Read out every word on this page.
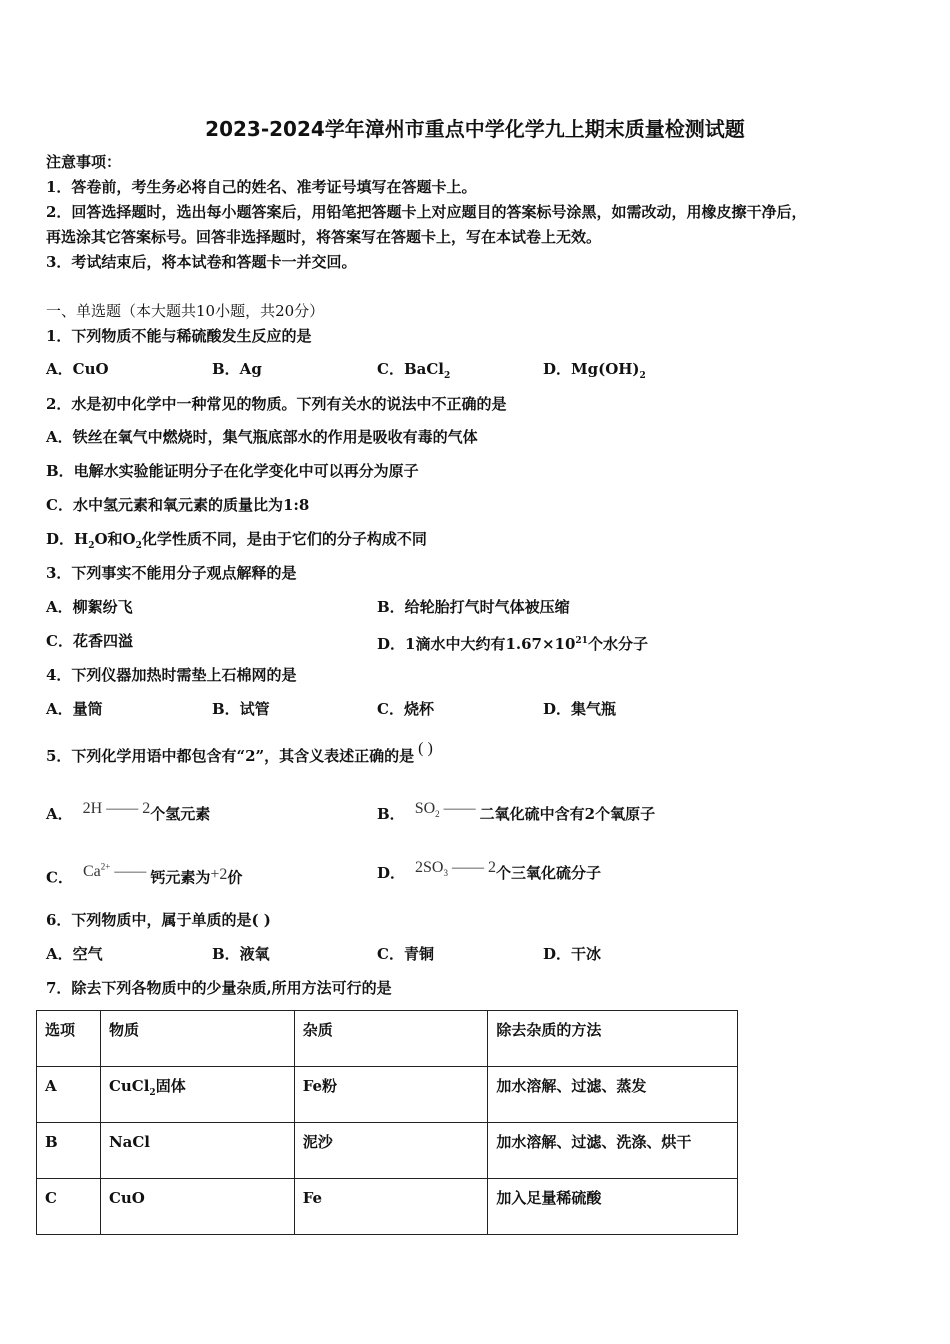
2023-2024学年漳州市重点中学化学九上期末质量检测试题
注意事项：
1．答卷前，考生务必将自己的姓名、准考证号填写在答题卡上。
2．回答选择题时，选出每小题答案后，用铅笔把答题卡上对应题目的答案标号涂黑，如需改动，用橡皮擦干净后，
再选涂其它答案标号。回答非选择题时，将答案写在答题卡上，写在本试卷上无效。
3．考试结束后，将本试卷和答题卡一并交回。
一、单选题（本大题共10小题，共20分）
1．下列物质不能与稀硫酸发生反应的是
A．CuO	B．Ag	C．BaCl$_2$	D．$Mg(OH)_2$
2．水是初中化学中一种常见的物质。下列有关水的说法中不正确的是
A．铁丝在氧气中燃烧时，集气瓶底部水的作用是吸收有毒的气体
B．电解水实验能证明分子在化学变化中可以再分为原子
C．水中氢元素和氧元素的质量比为1:8
D．$H_2O$和$O_2$化学性质不同，是由于它们的分子构成不同
3．下列事实不能用分子观点解释的是
A．柳絮纷飞	B．给轮胎打气时气体被压缩
C．花香四溢	D．1滴水中大约有$1.67\times 10^{21}$个水分子
4．下列仪器加热时需垫上石棉网的是
A．量筒	B．试管	C．烧杯	D．集气瓶
5．下列化学用语中都包含有“2”，其含义表述正确的是 ( )
A． 2H —— 2个氢元素	B． $SO_2$ —— 二氧化硫中含有2个氧原子
C． $Ca^{2+}$ —— 钙元素为+2价	D． $2SO_3$ —— 2个三氧化硫分子
6．下列物质中，属于单质的是( )
A．空气	B．液氧	C．青铜	D．干冰
7．除去下列各物质中的少量杂质,所用方法可行的是
选项	物质	杂质	除去杂质的方法
A	CuCl$_2$固体	Fe粉	加水溶解、过滤、蒸发
B	NaCl	泥沙	加水溶解、过滤、洗涤、烘干
C	CuO	Fe	加入足量稀硫酸
